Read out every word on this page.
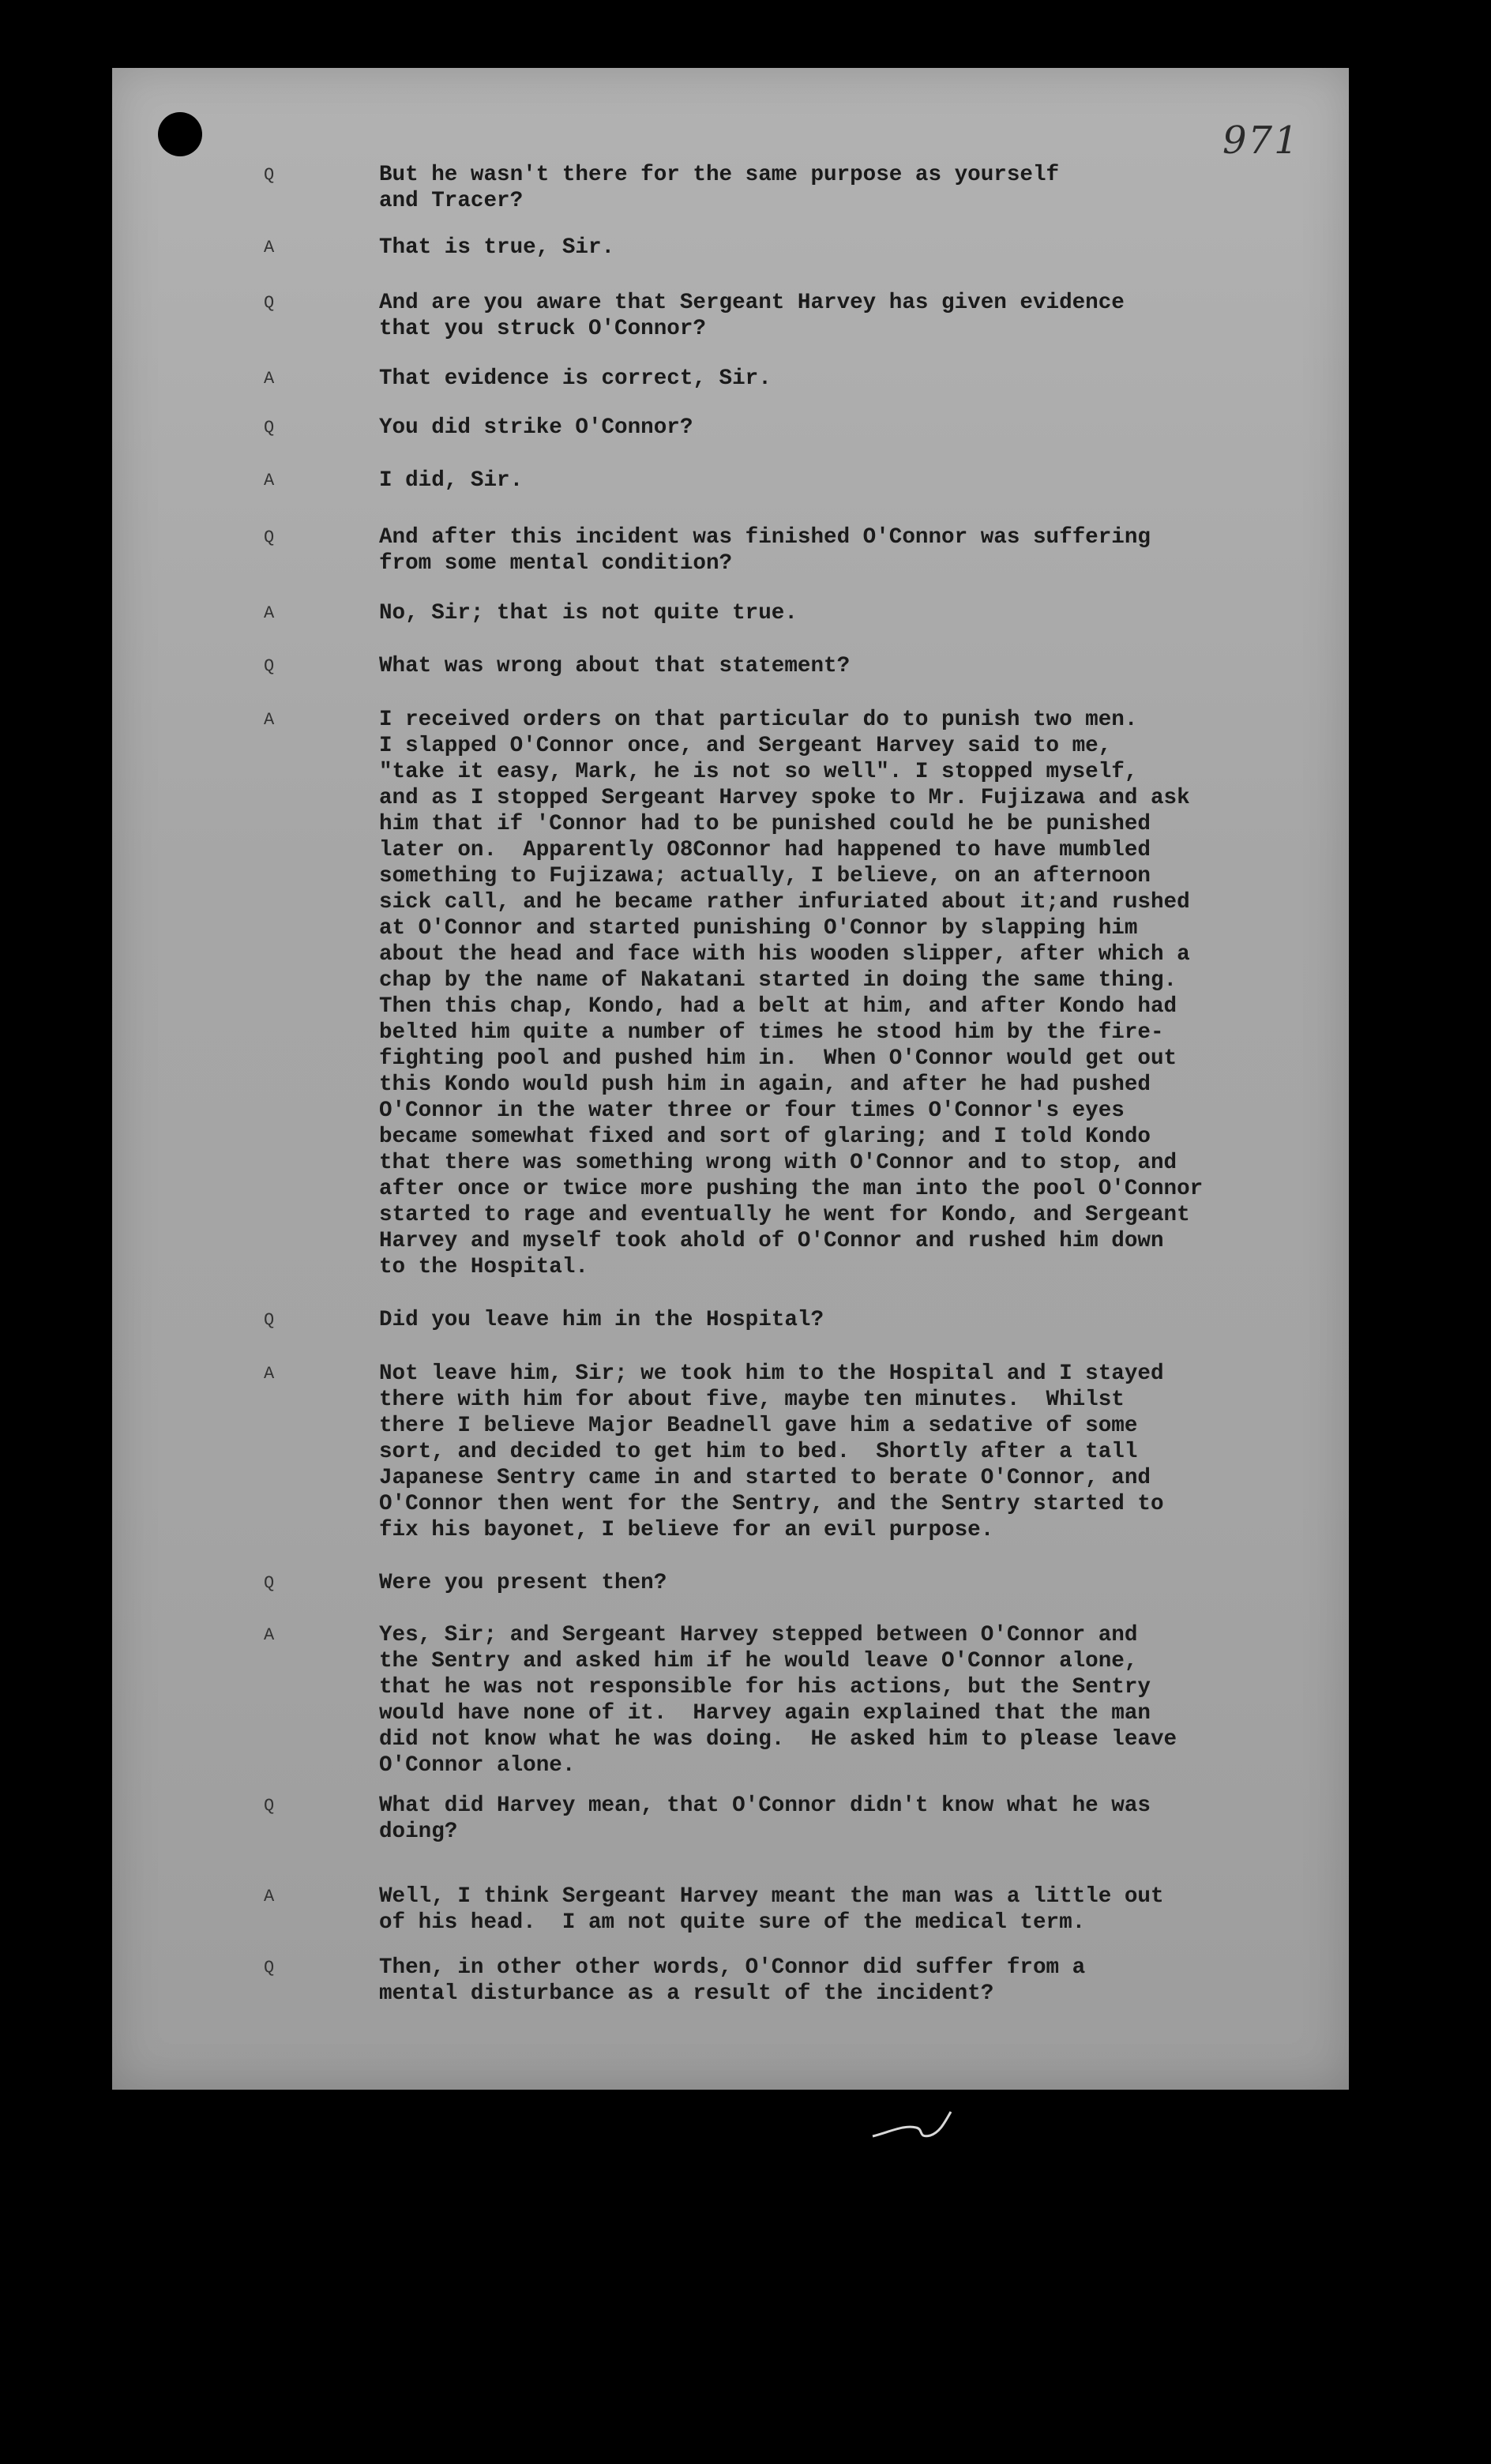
971
Q	But he wasn't there for the same purpose as yourself
and Tracer?

A	That is true, Sir.

Q	And are you aware that Sergeant Harvey has given evidence
that you struck O'Connor?

A	That evidence is correct, Sir.

Q	You did strike O'Connor?

A	I did, Sir.

Q	And after this incident was finished O'Connor was suffering
from some mental condition?

A	No, Sir; that is not quite true.

Q	What was wrong about that statement?

A	I received orders on that particular do to punish two men.
I slapped O'Connor once, and Sergeant Harvey said to me,
"take it easy, Mark, he is not so well". I stopped myself,
and as I stopped Sergeant Harvey spoke to Mr. Fujizawa and ask
him that if 'Connor had to be punished could he be punished
later on.  Apparently O8Connor had happened to have mumbled
something to Fujizawa; actually, I believe, on an afternoon
sick call, and he became rather infuriated about it;and rushed
at O'Connor and started punishing O'Connor by slapping him
about the head and face with his wooden slipper, after which a
chap by the name of Nakatani started in doing the same thing.
Then this chap, Kondo, had a belt at him, and after Kondo had
belted him quite a number of times he stood him by the fire-
fighting pool and pushed him in.  When O'Connor would get out
this Kondo would push him in again, and after he had pushed
O'Connor in the water three or four times O'Connor's eyes
became somewhat fixed and sort of glaring; and I told Kondo
that there was something wrong with O'Connor and to stop, and
after once or twice more pushing the man into the pool O'Connor
started to rage and eventually he went for Kondo, and Sergeant
Harvey and myself took ahold of O'Connor and rushed him down
to the Hospital.

Q	Did you leave him in the Hospital?

A	Not leave him, Sir; we took him to the Hospital and I stayed
there with him for about five, maybe ten minutes.  Whilst
there I believe Major Beadnell gave him a sedative of some
sort, and decided to get him to bed.  Shortly after a tall
Japanese Sentry came in and started to berate O'Connor, and
O'Connor then went for the Sentry, and the Sentry started to
fix his bayonet, I believe for an evil purpose.

Q	Were you present then?

A	Yes, Sir; and Sergeant Harvey stepped between O'Connor and
the Sentry and asked him if he would leave O'Connor alone,
that he was not responsible for his actions, but the Sentry
would have none of it.  Harvey again explained that the man
did not know what he was doing.  He asked him to please leave
O'Connor alone.

Q	What did Harvey mean, that O'Connor didn't know what he was
doing?

A	Well, I think Sergeant Harvey meant the man was a little out
of his head.  I am not quite sure of the medical term.

Q	Then, in other other words, O'Connor did suffer from a
mental disturbance as a result of the incident?
